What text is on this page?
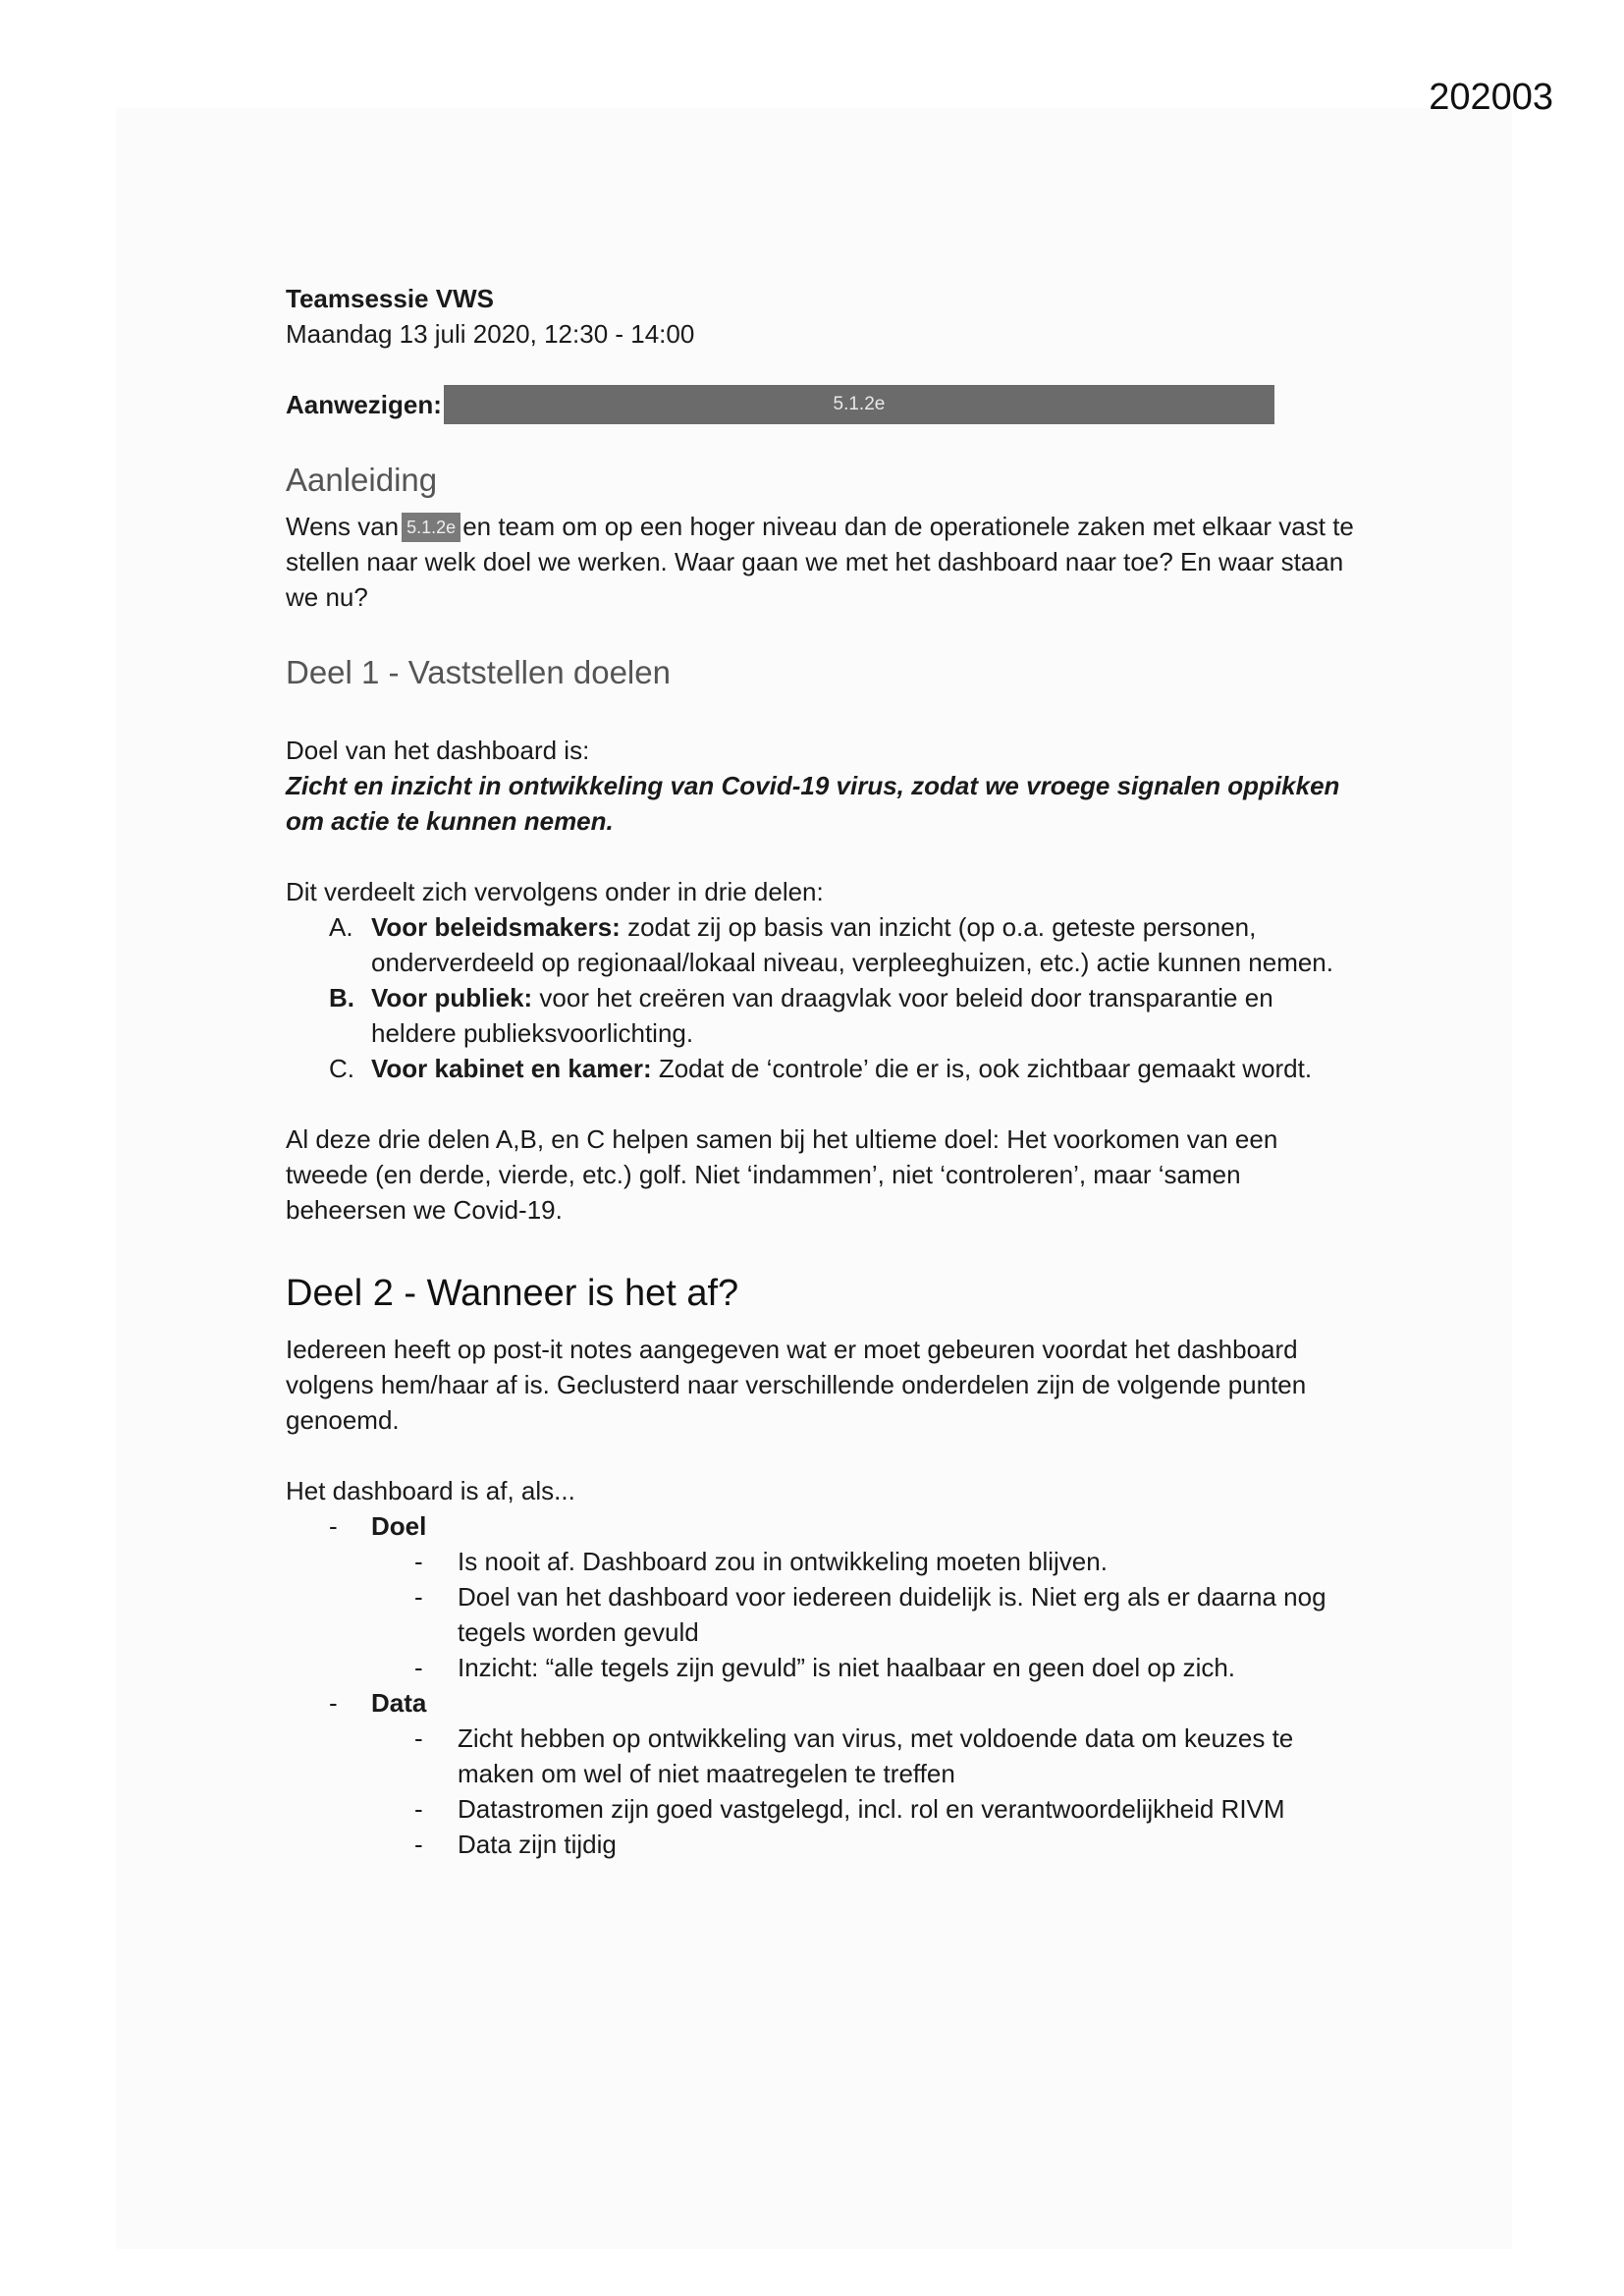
202003
Teamsessie VWS
Maandag 13 juli 2020, 12:30 - 14:00
Aanwezigen:	5.1.2e
Aanleiding

Wens van 5.1.2e en team om op een hoger niveau dan de operationele zaken met elkaar vast te stellen naar welk doel we werken. Waar gaan we met het dashboard naar toe? En waar staan we nu?

Deel 1 - Vaststellen doelen

Doel van het dashboard is:

Zicht en inzicht in ontwikkeling van Covid-19 virus, zodat we vroege signalen oppikken om actie te kunnen nemen.

Dit verdeelt zich vervolgens onder in drie delen:

A. Voor beleidsmakers: zodat zij op basis van inzicht (op o.a. geteste personen, onderverdeeld op regionaal/lokaal niveau, verpleeghuizen, etc.) actie kunnen nemen.
B. Voor publiek: voor het creëren van draagvlak voor beleid door transparantie en heldere publieksvoorlichting.
C. Voor kabinet en kamer: Zodat de ‘controle’ die er is, ook zichtbaar gemaakt wordt.

Al deze drie delen A,B, en C helpen samen bij het ultieme doel: Het voorkomen van een tweede (en derde, vierde, etc.) golf. Niet ‘indammen’, niet ‘controleren’, maar ‘samen beheersen we Covid-19.

Deel 2 - Wanneer is het af?

Iedereen heeft op post-it notes aangegeven wat er moet gebeuren voordat het dashboard volgens hem/haar af is. Geclusterd naar verschillende onderdelen zijn de volgende punten genoemd.

Het dashboard is af, als...

-	Doel
-	Is nooit af. Dashboard zou in ontwikkeling moeten blijven.
-	Doel van het dashboard voor iedereen duidelijk is. Niet erg als er daarna nog tegels worden gevuld
-	Inzicht: “alle tegels zijn gevuld” is niet haalbaar en geen doel op zich.
-	Data
-	Zicht hebben op ontwikkeling van virus, met voldoende data om keuzes te maken om wel of niet maatregelen te treffen
-	Datastromen zijn goed vastgelegd, incl. rol en verantwoordelijkheid RIVM
-	Data zijn tijdig
